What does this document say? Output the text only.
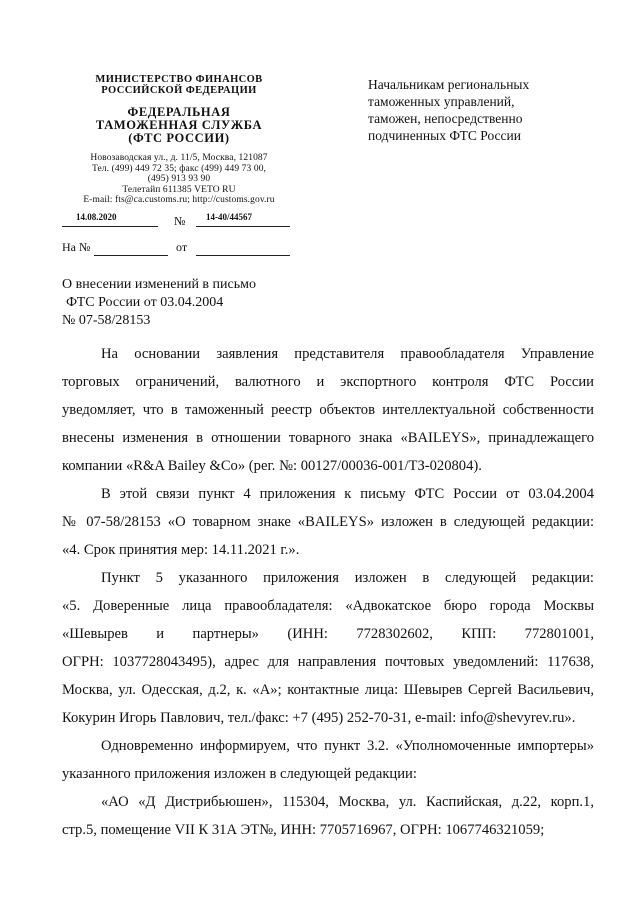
МИНИСТЕРСТВО ФИНАНСОВ
РОССИЙСКОЙ ФЕДЕРАЦИИ
ФЕДЕРАЛЬНАЯ
ТАМОЖЕННАЯ СЛУЖБА
(ФТС РОССИИ)
Новозаводская ул., д. 11/5, Москва, 121087
Тел. (499) 449 72 35; факс (499) 449 73 00,
(495) 913 93 90
Телетайп 611385 VETO RU
E-mail: fts@ca.customs.ru; http://customs.gov.ru
14.08.2020	№ 14-40/44567
На №	от
Начальникам региональных
таможенных управлений,
таможен, непосредственно
подчиненных ФТС России
О внесении изменений в письмо
ФТС России от 03.04.2004
№ 07-58/28153
На основании заявления представителя правообладателя Управление
торговых ограничений, валютного и экспортного контроля ФТС России
уведомляет, что в таможенный реестр объектов интеллектуальной собственности
внесены изменения в отношении товарного знака «BAILEYS», принадлежащего
компании «R&A Bailey &Co» (рег. №: 00127/00036-001/ТЗ-020804).
В этой связи пункт 4 приложения к письму ФТС России от 03.04.2004
№ 07-58/28153 «О товарном знаке «BAILEYS» изложен в следующей редакции:
«4. Срок принятия мер: 14.11.2021 г.».
Пункт 5 указанного приложения изложен в следующей редакции:
«5. Доверенные лица правообладателя: «Адвокатское бюро города Москвы
«Шевырев и партнеры» (ИНН: 7728302602, КПП: 772801001,
ОГРН: 1037728043495), адрес для направления почтовых уведомлений: 117638,
Москва, ул. Одесская, д.2, к. «А»; контактные лица: Шевырев Сергей Васильевич,
Кокурин Игорь Павлович, тел./факс: +7 (495) 252-70-31, e-mail: info@shevyrev.ru».
Одновременно информируем, что пункт 3.2. «Уполномоченные импортеры»
указанного приложения изложен в следующей редакции:
«АО «Д Дистрибьюшен», 115304, Москва, ул. Каспийская, д.22, корп.1,
стр.5, помещение VII К 31А ЭТ№, ИНН: 7705716967, ОГРН: 1067746321059;
